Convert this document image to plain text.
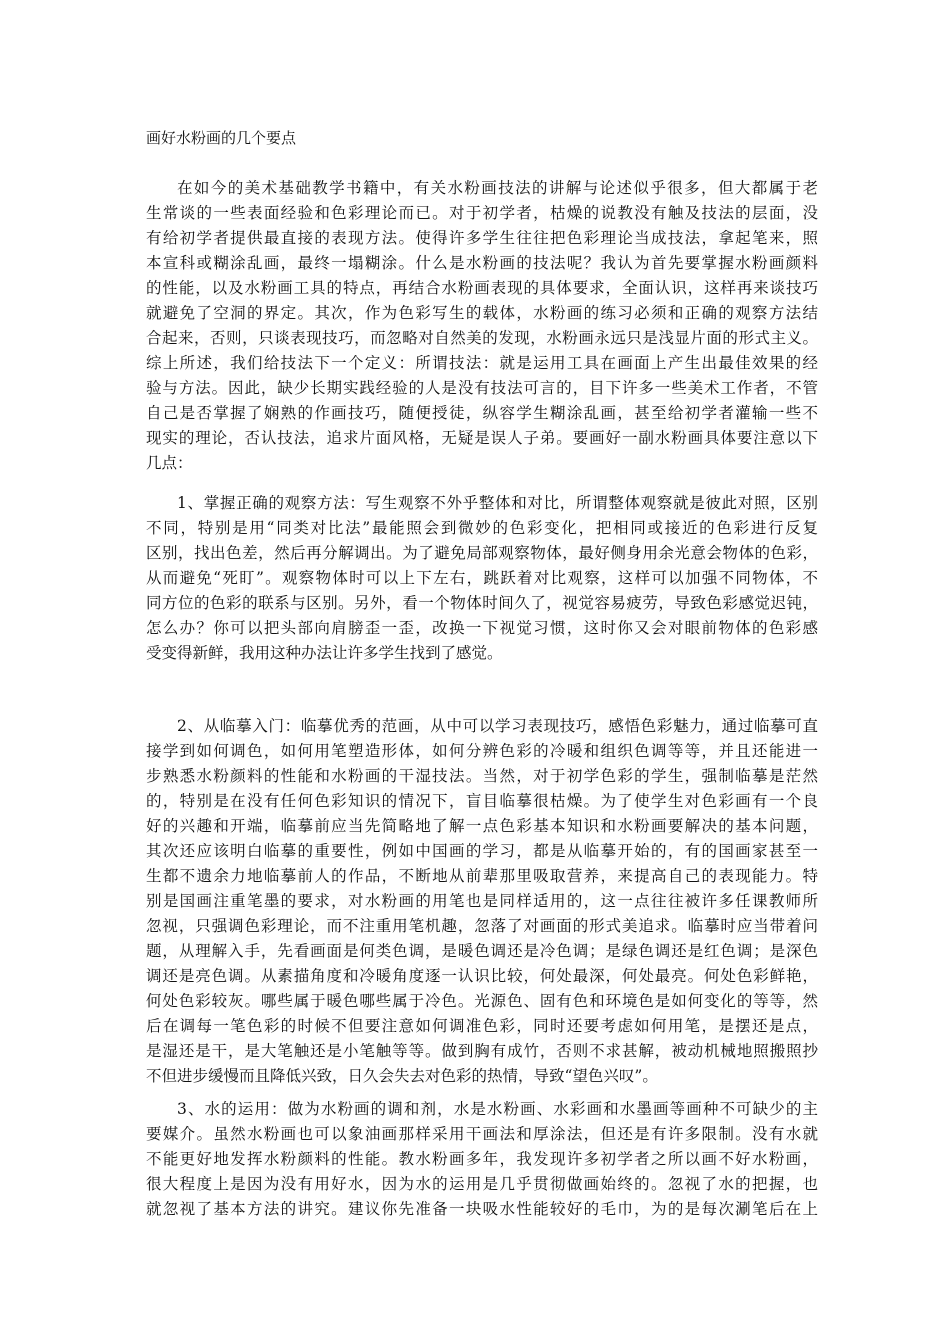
画好水粉画的几个要点
在如今的美术基础教学书籍中，有关水粉画技法的讲解与论述似乎很多，但大都属于老
生常谈的一些表面经验和色彩理论而已。对于初学者，枯燥的说教没有触及技法的层面，没
有给初学者提供最直接的表现方法。使得许多学生往往把色彩理论当成技法，拿起笔来，照
本宣科或糊涂乱画，最终一塌糊涂。什么是水粉画的技法呢？我认为首先要掌握水粉画颜料
的性能，以及水粉画工具的特点，再结合水粉画表现的具体要求，全面认识，这样再来谈技巧
就避免了空洞的界定。其次，作为色彩写生的载体，水粉画的练习必须和正确的观察方法结
合起来，否则，只谈表现技巧，而忽略对自然美的发现，水粉画永远只是浅显片面的形式主义。
综上所述，我们给技法下一个定义：所谓技法：就是运用工具在画面上产生出最佳效果的经
验与方法。因此，缺少长期实践经验的人是没有技法可言的，目下许多一些美术工作者，不管
自己是否掌握了娴熟的作画技巧，随便授徒，纵容学生糊涂乱画，甚至给初学者灌输一些不
现实的理论，否认技法，追求片面风格，无疑是误人子弟。要画好一副水粉画具体要注意以下
几点：
1、掌握正确的观察方法：写生观察不外乎整体和对比，所谓整体观察就是彼此对照，区别
不同，特别是用“同类对比法”最能照会到微妙的色彩变化，把相同或接近的色彩进行反复
区别，找出色差，然后再分解调出。为了避免局部观察物体，最好侧身用余光意会物体的色彩，
从而避免“死盯”。观察物体时可以上下左右，跳跃着对比观察，这样可以加强不同物体，不
同方位的色彩的联系与区别。另外，看一个物体时间久了，视觉容易疲劳，导致色彩感觉迟钝，
怎么办？你可以把头部向肩膀歪一歪，改换一下视觉习惯，这时你又会对眼前物体的色彩感
受变得新鲜，我用这种办法让许多学生找到了感觉。
2、从临摹入门：临摹优秀的范画，从中可以学习表现技巧，感悟色彩魅力，通过临摹可直
接学到如何调色，如何用笔塑造形体，如何分辨色彩的冷暖和组织色调等等，并且还能进一
步熟悉水粉颜料的性能和水粉画的干湿技法。当然，对于初学色彩的学生，强制临摹是茫然
的，特别是在没有任何色彩知识的情况下，盲目临摹很枯燥。为了使学生对色彩画有一个良
好的兴趣和开端，临摹前应当先简略地了解一点色彩基本知识和水粉画要解决的基本问题，
其次还应该明白临摹的重要性，例如中国画的学习，都是从临摹开始的，有的国画家甚至一
生都不遗余力地临摹前人的作品，不断地从前辈那里吸取营养，来提高自己的表现能力。特
别是国画注重笔墨的要求，对水粉画的用笔也是同样适用的，这一点往往被许多任课教师所
忽视，只强调色彩理论，而不注重用笔机趣，忽落了对画面的形式美追求。临摹时应当带着问
题，从理解入手，先看画面是何类色调，是暖色调还是冷色调；是绿色调还是红色调；是深色
调还是亮色调。从素描角度和冷暖角度逐一认识比较，何处最深，何处最亮。何处色彩鲜艳，
何处色彩较灰。哪些属于暖色哪些属于冷色。光源色、固有色和环境色是如何变化的等等，然
后在调每一笔色彩的时候不但要注意如何调准色彩，同时还要考虑如何用笔，是摆还是点，
是湿还是干，是大笔触还是小笔触等等。做到胸有成竹，否则不求甚解，被动机械地照搬照抄
不但进步缓慢而且降低兴致，日久会失去对色彩的热情，导致“望色兴叹”。
3、水的运用：做为水粉画的调和剂，水是水粉画、水彩画和水墨画等画种不可缺少的主
要媒介。虽然水粉画也可以象油画那样采用干画法和厚涂法，但还是有许多限制。没有水就
不能更好地发挥水粉颜料的性能。教水粉画多年，我发现许多初学者之所以画不好水粉画，
很大程度上是因为没有用好水，因为水的运用是几乎贯彻做画始终的。忽视了水的把握，也
就忽视了基本方法的讲究。建议你先准备一块吸水性能较好的毛巾，为的是每次涮笔后在上
